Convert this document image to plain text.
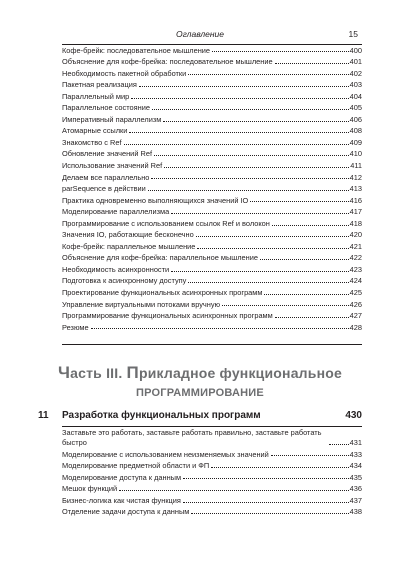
Оглавление	15
Кофе-брейк: последовательное мышление	400
Объяснение для кофе-брейка: последовательное мышление	401
Необходимость пакетной обработки	402
Пакетная реализация	403
Параллельный мир	404
Параллельное состояние	405
Императивный параллелизм	406
Атомарные ссылки	408
Знакомство с Ref	409
Обновление значений Ref	410
Использование значений Ref	411
Делаем все параллельно	412
parSequence в действии	413
Практика одновременно выполняющихся значений IO	416
Моделирование параллелизма	417
Программирование с использованием ссылок Ref и волокон	418
Значения IO, работающие бесконечно	420
Кофе-брейк: параллельное мышление	421
Объяснение для кофе-брейка: параллельное мышление	422
Необходимость асинхронности	423
Подготовка к асинхронному доступу	424
Проектирование функциональных асинхронных программ	425
Управление виртуальными потоками вручную	426
Программирование функциональных асинхронных программ	427
Резюме	428
Часть III. Прикладное функциональное
ПРОГРАММИРОВАНИЕ
11 Разработка функциональных программ	430
Заставьте это работать, заставьте работать правильно, заставьте работать быстро	431
Моделирование с использованием неизменяемых значений	433
Моделирование предметной области и ФП	434
Моделирование доступа к данным	435
Мешок функций	436
Бизнес-логика как чистая функция	437
Отделение задачи доступа к данным	438
